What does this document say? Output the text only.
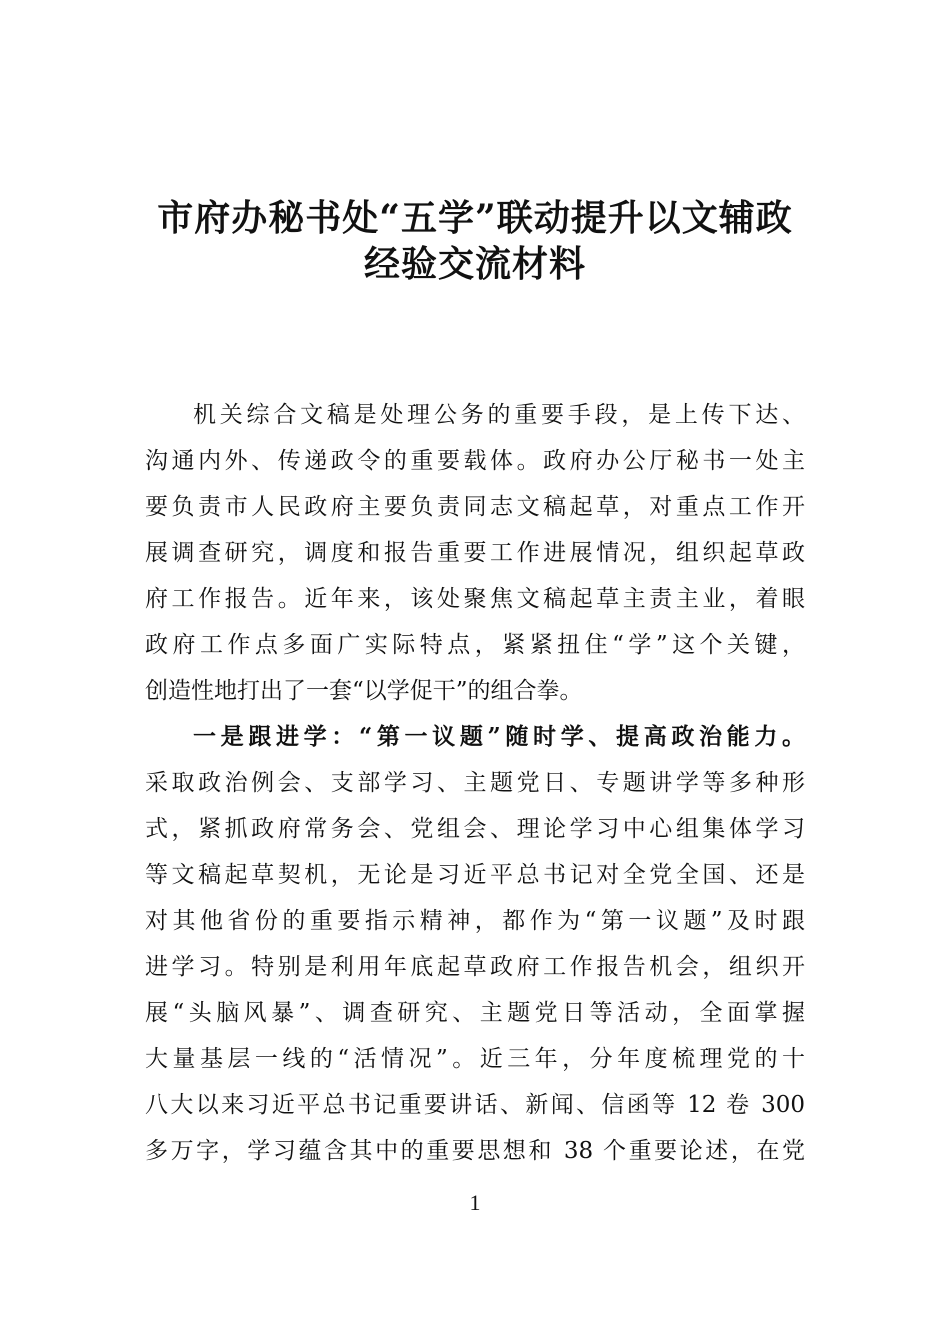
市府办秘书处“五学”联动提升以文辅政
经验交流材料
机关综合文稿是处理公务的重要手段，是上传下达、
沟通内外、传递政令的重要载体。政府办公厅秘书一处主
要负责市人民政府主要负责同志文稿起草，对重点工作开
展调查研究，调度和报告重要工作进展情况，组织起草政
府工作报告。近年来，该处聚焦文稿起草主责主业，着眼
政府工作点多面广实际特点，紧紧扭住“学”这个关键，
创造性地打出了一套“以学促干”的组合拳。
一是跟进学：“第一议题”随时学、提高政治能力。
采取政治例会、支部学习、主题党日、专题讲学等多种形
式，紧抓政府常务会、党组会、理论学习中心组集体学习
等文稿起草契机，无论是习近平总书记对全党全国、还是
对其他省份的重要指示精神，都作为“第一议题”及时跟
进学习。特别是利用年底起草政府工作报告机会，组织开
展“头脑风暴”、调查研究、主题党日等活动，全面掌握
大量基层一线的“活情况”。近三年，分年度梳理党的十
八大以来习近平总书记重要讲话、新闻、信函等 12 卷 300
多万字，学习蕴含其中的重要思想和 38 个重要论述，在党
1
